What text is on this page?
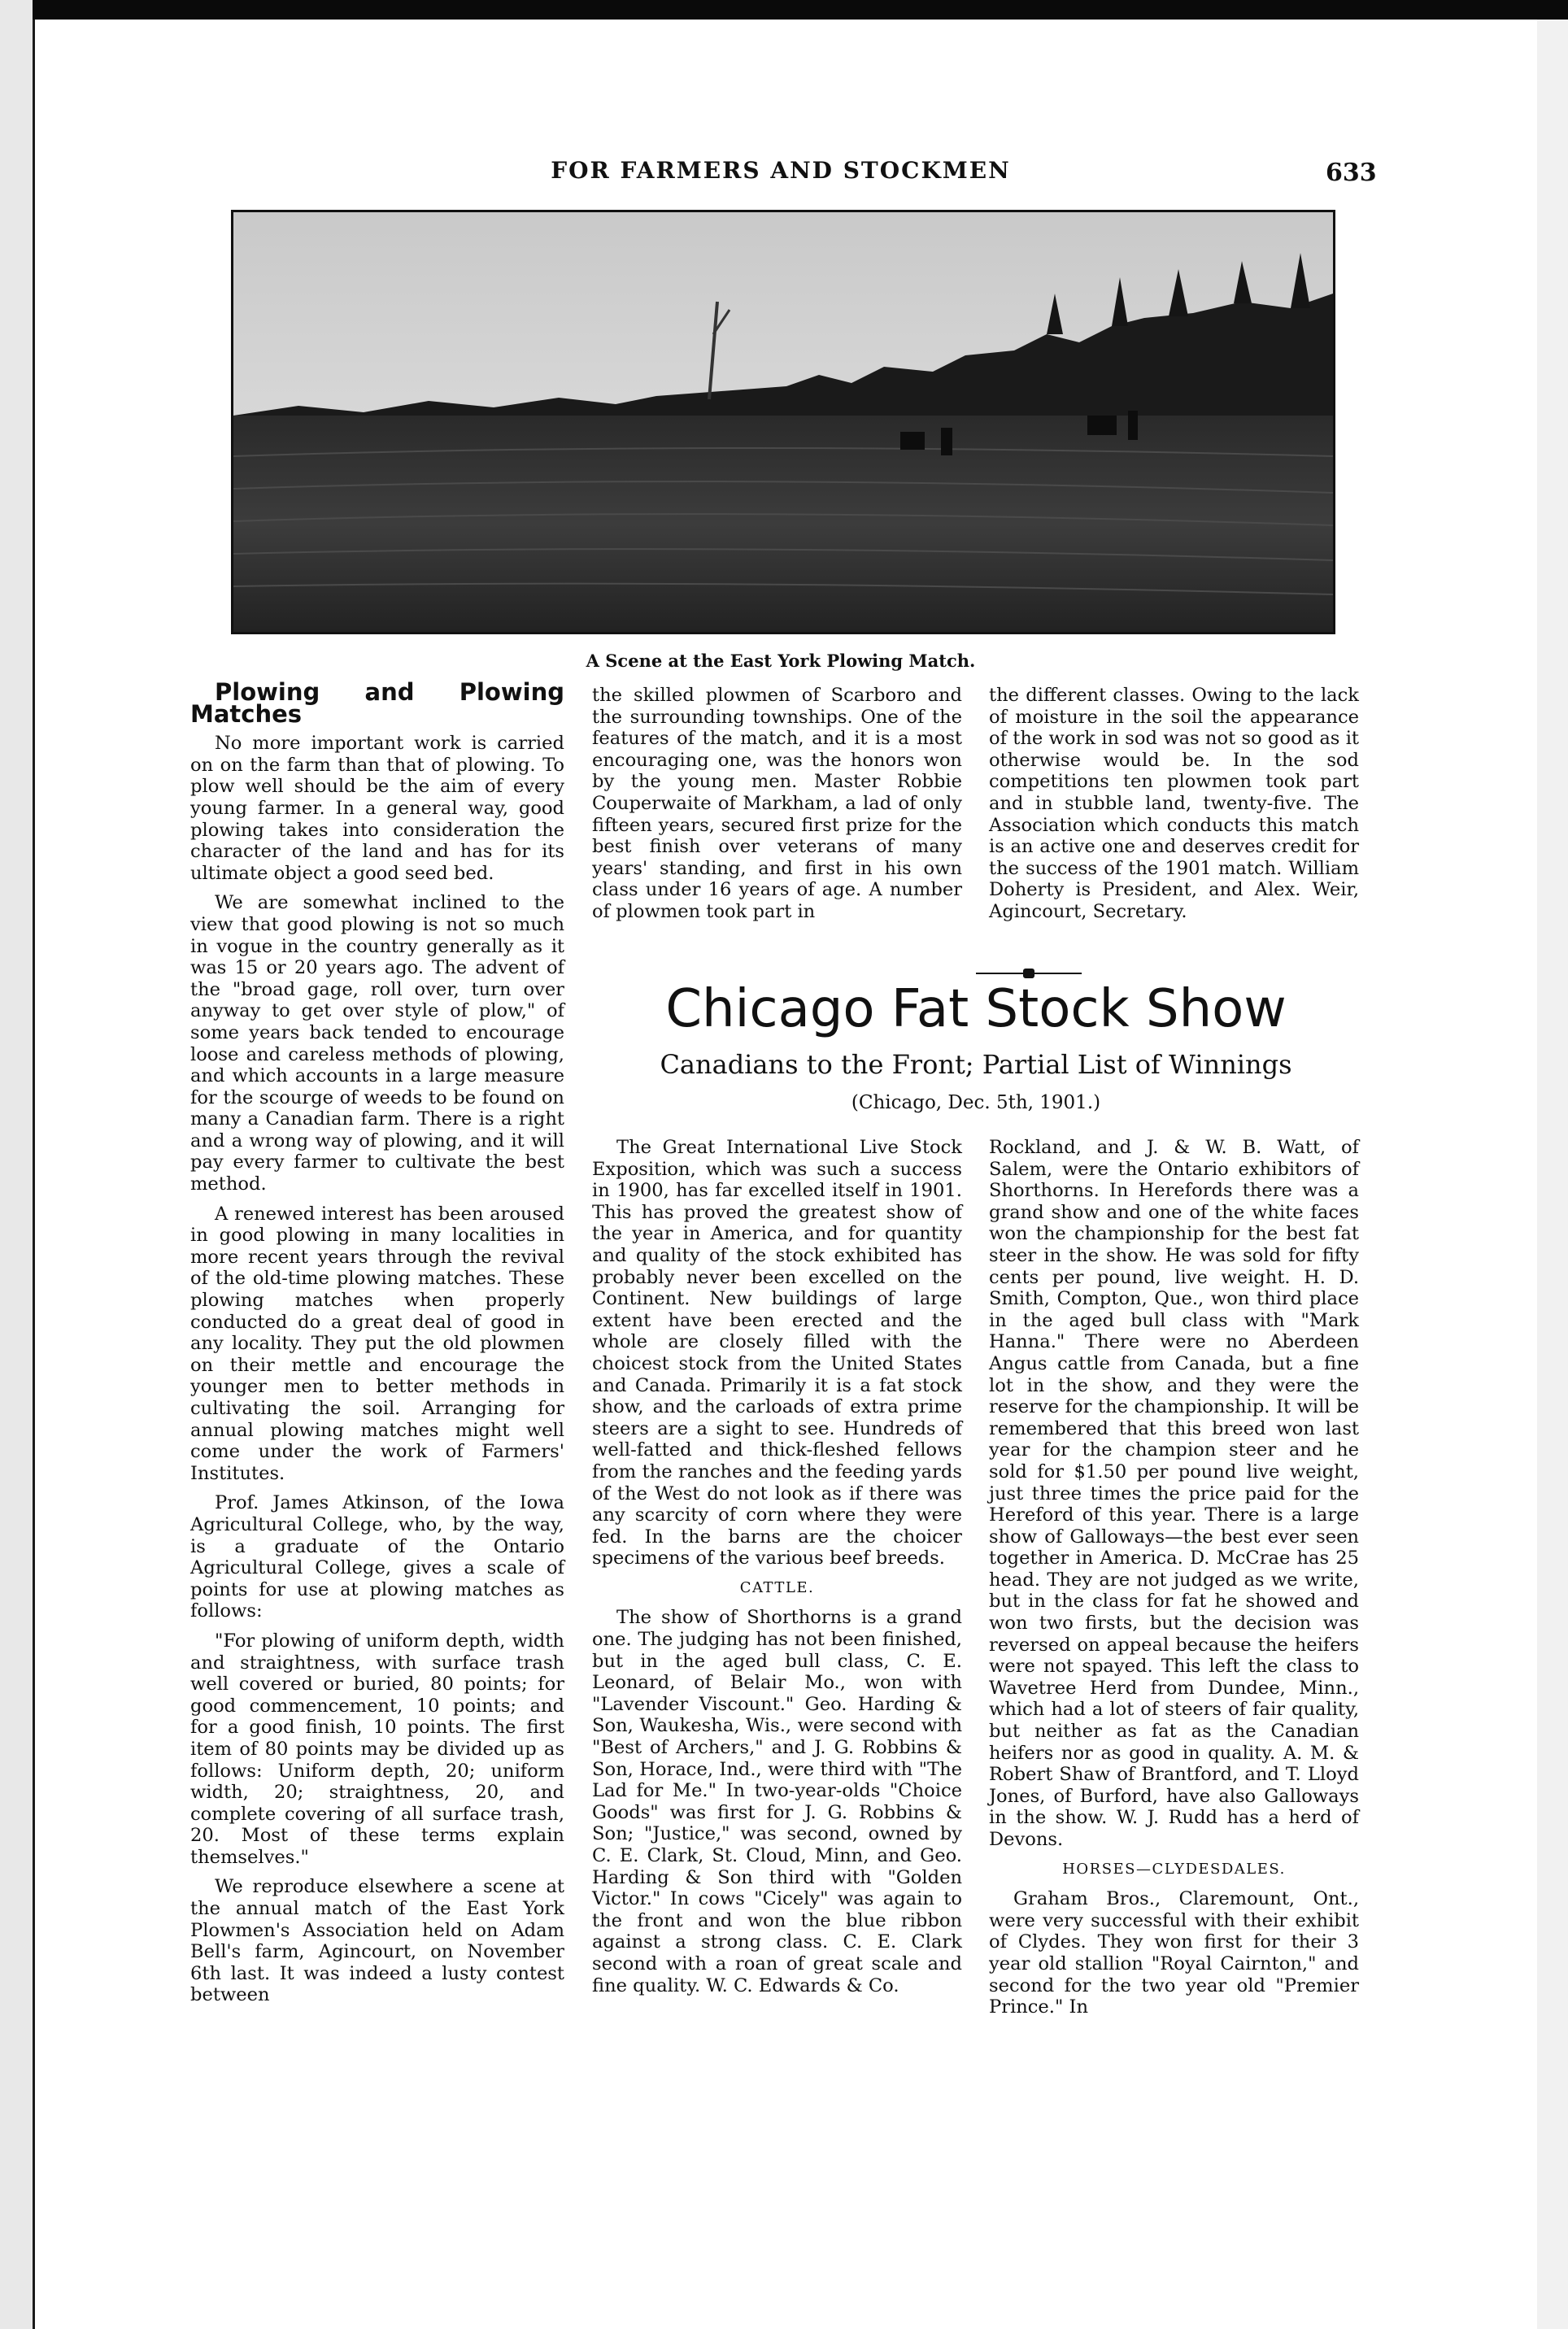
FOR FARMERS AND STOCKMEN	633
A Scene at the East York Plowing Match.

Plowing and Plowing Matches

No more important work is carried on on the farm than that of plowing. To plow well should be the aim of every young farmer. In a general way, good plowing takes into consideration the character of the land and has for its ultimate object a good seed bed.

We are somewhat inclined to the view that good plowing is not so much in vogue in the country generally as it was 15 or 20 years ago. The advent of the "broad gage, roll over, turn over anyway to get over style of plow," of some years back tended to encourage loose and careless methods of plowing, and which accounts in a large measure for the scourge of weeds to be found on many a Canadian farm. There is a right and a wrong way of plowing, and it will pay every farmer to cultivate the best method.

A renewed interest has been aroused in good plowing in many localities in more recent years through the revival of the old-time plowing matches. These plowing matches when properly conducted do a great deal of good in any locality. They put the old plowmen on their mettle and encourage the younger men to better methods in cultivating the soil. Arranging for annual plowing matches might well come under the work of Farmers' Institutes.

Prof. James Atkinson, of the Iowa Agricultural College, who, by the way, is a graduate of the Ontario Agricultural College, gives a scale of points for use at plowing matches as follows:

"For plowing of uniform depth, width and straightness, with surface trash well covered or buried, 80 points; for good commencement, 10 points; and for a good finish, 10 points. The first item of 80 points may be divided up as follows: Uniform depth, 20; uniform width, 20; straightness, 20, and complete covering of all surface trash, 20. Most of these terms explain themselves."

We reproduce elsewhere a scene at the annual match of the East York Plowmen's Association held on Adam Bell's farm, Agincourt, on November 6th last. It was indeed a lusty contest between

the skilled plowmen of Scarboro and the surrounding townships. One of the features of the match, and it is a most encouraging one, was the honors won by the young men. Master Robbie Couperwaite of Markham, a lad of only fifteen years, secured first prize for the best finish over veterans of many years' standing, and first in his own class under 16 years of age. A number of plowmen took part in

the different classes. Owing to the lack of moisture in the soil the appearance of the work in sod was not so good as it otherwise would be. In the sod competitions ten plowmen took part and in stubble land, twenty-five. The Association which conducts this match is an active one and deserves credit for the success of the 1901 match. William Doherty is President, and Alex. Weir, Agincourt, Secretary.

Chicago Fat Stock Show
Canadians to the Front; Partial List of Winnings
(Chicago, Dec. 5th, 1901.)

The Great International Live Stock Exposition, which was such a success in 1900, has far excelled itself in 1901. This has proved the greatest show of the year in America, and for quantity and quality of the stock exhibited has probably never been excelled on the Continent. New buildings of large extent have been erected and the whole are closely filled with the choicest stock from the United States and Canada. Primarily it is a fat stock show, and the carloads of extra prime steers are a sight to see. Hundreds of well-fatted and thick-fleshed fellows from the ranches and the feeding yards of the West do not look as if there was any scarcity of corn where they were fed. In the barns are the choicer specimens of the various beef breeds.

CATTLE.

The show of Shorthorns is a grand one. The judging has not been finished, but in the aged bull class, C. E. Leonard, of Belair Mo., won with "Lavender Viscount." Geo. Harding & Son, Waukesha, Wis., were second with "Best of Archers," and J. G. Robbins & Son, Horace, Ind., were third with "The Lad for Me." In two-year-olds "Choice Goods" was first for J. G. Robbins & Son; "Justice," was second, owned by C. E. Clark, St. Cloud, Minn, and Geo. Harding & Son third with "Golden Victor." In cows "Cicely" was again to the front and won the blue ribbon against a strong class. C. E. Clark second with a roan of great scale and fine quality. W. C. Edwards & Co.

Rockland, and J. & W. B. Watt, of Salem, were the Ontario exhibitors of Shorthorns. In Herefords there was a grand show and one of the white faces won the championship for the best fat steer in the show. He was sold for fifty cents per pound, live weight. H. D. Smith, Compton, Que., won third place in the aged bull class with "Mark Hanna." There were no Aberdeen Angus cattle from Canada, but a fine lot in the show, and they were the reserve for the championship. It will be remembered that this breed won last year for the champion steer and he sold for $1.50 per pound live weight, just three times the price paid for the Hereford of this year. There is a large show of Galloways—the best ever seen together in America. D. McCrae has 25 head. They are not judged as we write, but in the class for fat he showed and won two firsts, but the decision was reversed on appeal because the heifers were not spayed. This left the class to Wavetree Herd from Dundee, Minn., which had a lot of steers of fair quality, but neither as fat as the Canadian heifers nor as good in quality. A. M. & Robert Shaw of Brantford, and T. Lloyd Jones, of Burford, have also Galloways in the show. W. J. Rudd has a herd of Devons.

HORSES—CLYDESDALES.

Graham Bros., Claremount, Ont., were very successful with their exhibit of Clydes. They won first for their 3 year old stallion "Royal Cairnton," and second for the two year old "Premier Prince." In
